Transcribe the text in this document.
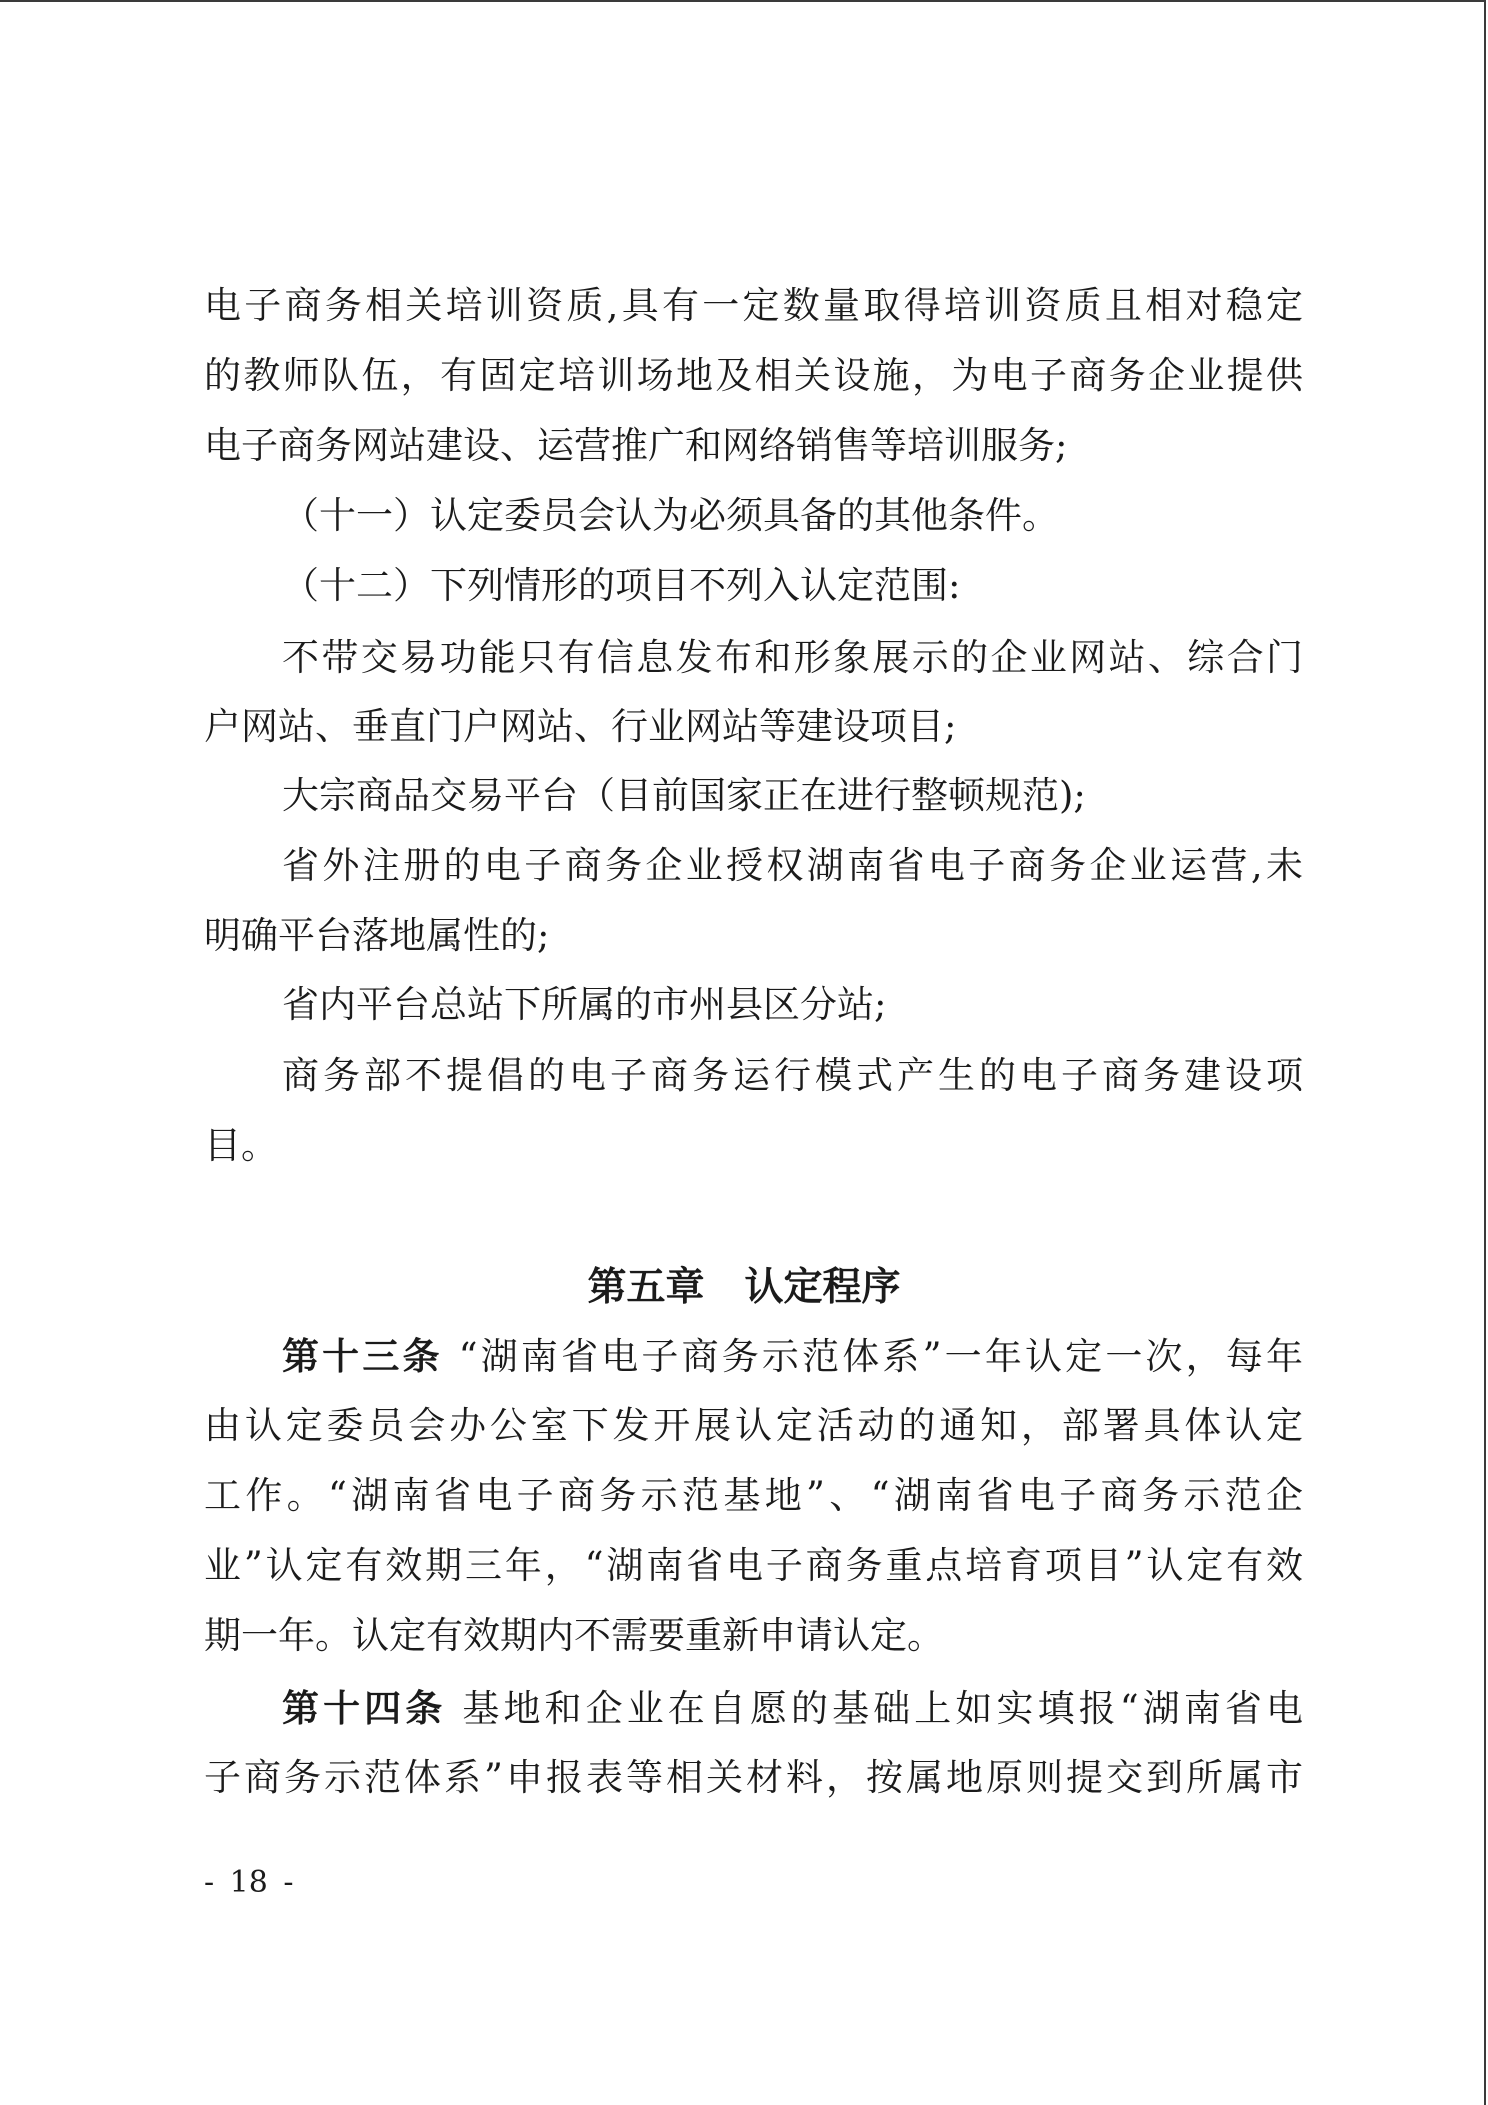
电子商务相关培训资质,具有一定数量取得培训资质且相对稳定
的教师队伍，有固定培训场地及相关设施，为电子商务企业提供
电子商务网站建设、运营推广和网络销售等培训服务;
（十一）认定委员会认为必须具备的其他条件。
（十二）下列情形的项目不列入认定范围:
不带交易功能只有信息发布和形象展示的企业网站、综合门
户网站、垂直门户网站、行业网站等建设项目;
大宗商品交易平台（目前国家正在进行整顿规范);
省外注册的电子商务企业授权湖南省电子商务企业运营,未
明确平台落地属性的;
省内平台总站下所属的市州县区分站;
商务部不提倡的电子商务运行模式产生的电子商务建设项
目。
第五章 认定程序
第十三条 “湖南省电子商务示范体系”一年认定一次，每年
由认定委员会办公室下发开展认定活动的通知，部署具体认定
工作。“湖南省电子商务示范基地”、“湖南省电子商务示范企
业”认定有效期三年，“湖南省电子商务重点培育项目”认定有效
期一年。认定有效期内不需要重新申请认定。
第十四条 基地和企业在自愿的基础上如实填报“湖南省电
子商务示范体系”申报表等相关材料，按属地原则提交到所属市
- 18 -
